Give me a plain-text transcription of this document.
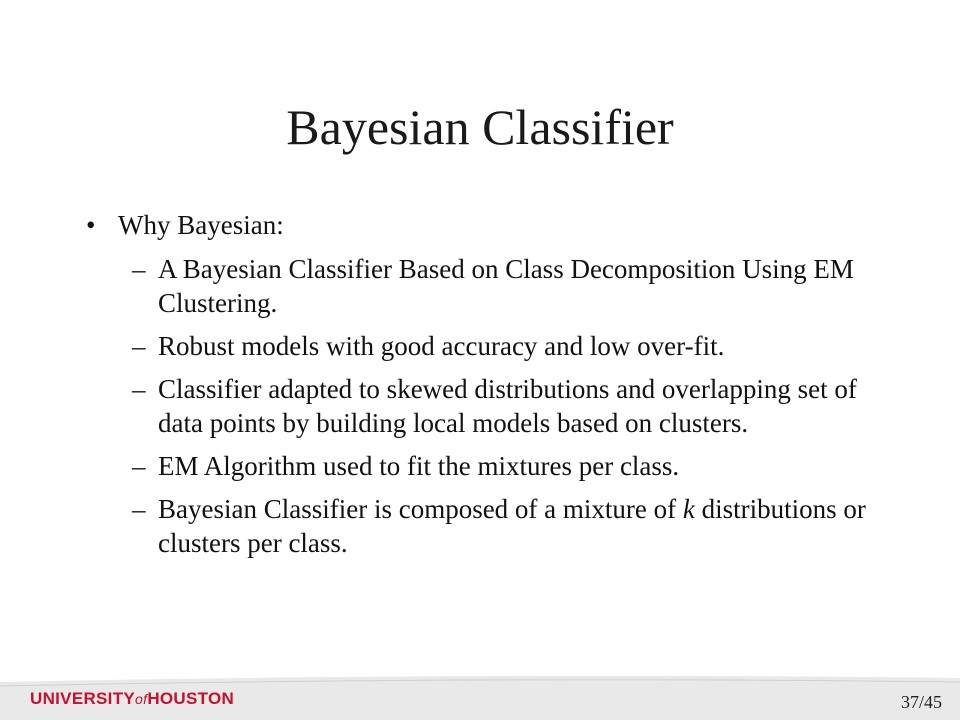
Bayesian Classifier
• Why Bayesian:
– A Bayesian Classifier Based on Class Decomposition Using EM Clustering.
– Robust models with good accuracy and low over-fit.
– Classifier adapted to skewed distributions and overlapping set of data points by building local models based on clusters.
– EM Algorithm used to fit the mixtures per class.
– Bayesian Classifier is composed of a mixture of k distributions or clusters per class.
UNIVERSITYofHOUSTON	37/45
